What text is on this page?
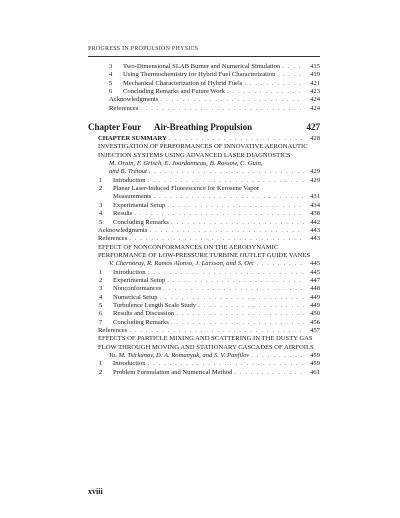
PROGRESS IN PROPULSION PHYSICS
3	Two-Dimensional SLAB Burner and Numerical Simulation . . .	415
4	Using Thermochemistry for Hybrid Fuel Characterization . . .	419
5	Mechanical Characterization of Hybrid Fuels . . .	421
6	Concluding Remarks and Future Work . . .	423
Acknowledgments . . .	424
References . . .	424
Chapter Four	Air-Breathing Propulsion	427
CHAPTER SUMMARY . . .	428
INVESTIGATION OF PERFORMANCES OF INNOVATIVE AERONAUTIC INJECTION SYSTEMS USING ADVANCED LASER DIAGNOSTICS
M. Orain, F. Grisch, E. Jourdanneau, B. Rossow, C. Guin,
and B. Trétout . . .	429
1	Introduction . . .	429
2	Planar Laser-Induced Fluorescence for Kerosene Vapor
Measurements . . .	431
3	Experimental Setup . . .	434
4	Results . . .	438
5	Concluding Remarks . . .	442
Acknowledgments . . .	443
References . . .	443
EFFECT OF NONCONFORMANCES ON THE AERODYNAMIC PERFORMANCE OF LOW-PRESSURE TURBINE OUTLET GUIDE VANES
V. Chernoray, R. Ramos Alonso, J. Larsson, and S. Orc . . .	445
1	Introduction . . .	445
2	Experimental Setup . . .	447
3	Nonconformances . . .	448
4	Numerical Setup . . .	449
5	Turbulence Length Scale Study . . .	449
6	Results and Discussion . . .	450
7	Concluding Remarks . . .	456
References . . .	457
EFFECTS OF PARTICLE MIXING AND SCATTERING IN THE DUSTY GAS FLOW THROUGH MOVING AND STATIONARY CASCADES OF AIRFOILS
Yu. M. Tsirkunov, D. A. Romanyuk, and S. V. Panfilov . . .	459
1	Introduction . . .	459
2	Problem Formulation and Numerical Method . . .	461
xviii
